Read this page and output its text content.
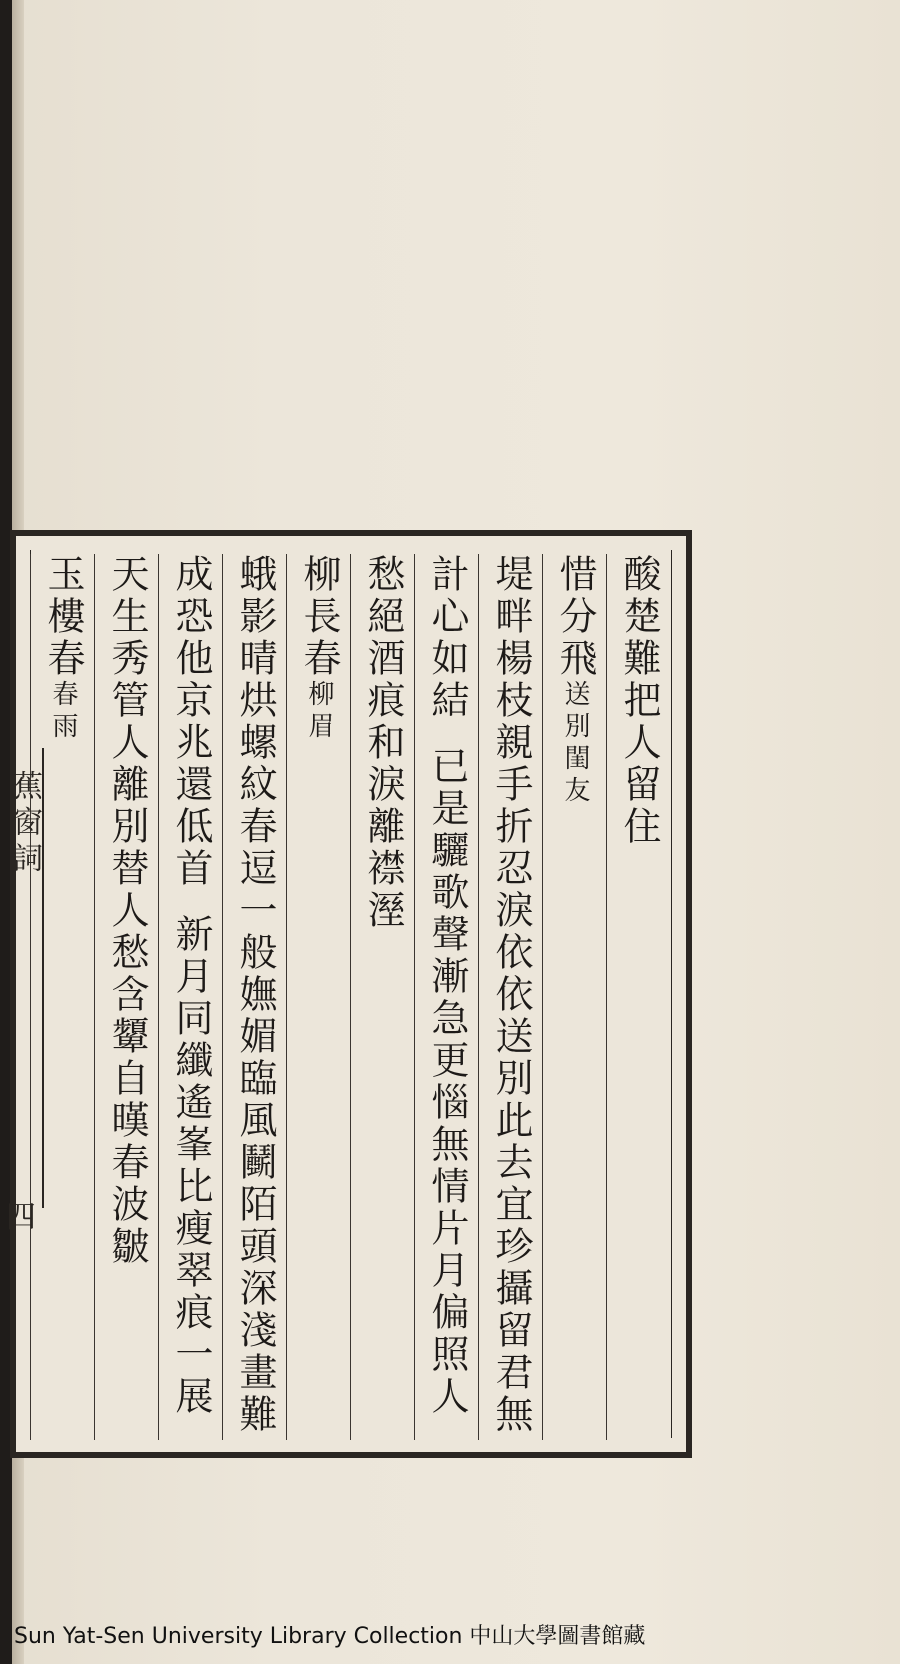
酸楚難把人留住
惜分飛
送別閨友
堤畔楊枝親手折忍淚依依送別此去宜珍攝留君無
計心如結
已是驪歌聲漸急更惱無情片月偏照人
愁絕酒痕和淚離襟溼
柳長春
柳眉
蛾影晴烘螺紋春逗一般嫵媚臨風鬭陌頭深淺畫難
成恐他京兆還低首
新月同纖遙峯比瘦翠痕一展
天生秀管人離別替人愁含顰自暵春波皺
玉樓春
春雨
蕉窗詞
四
Sun Yat-Sen University Library Collection 中山大學圖書館藏
